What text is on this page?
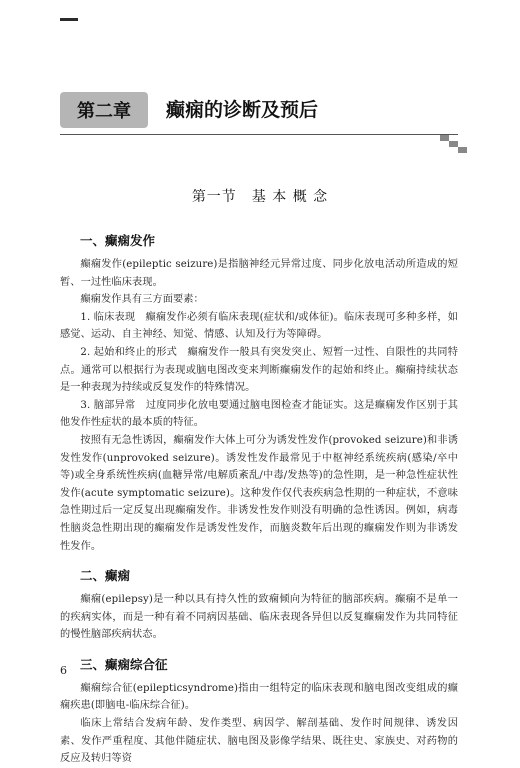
第二章	癫痫的诊断及预后
第一节　基 本 概 念
一、癫痫发作

癫痫发作(epileptic seizure)是指脑神经元异常过度、同步化放电活动所造成的短暂、一过性临床表现。

癫痫发作具有三方面要素：

1. 临床表现　癫痫发作必须有临床表现(症状和/或体征)。临床表现可多种多样，如感觉、运动、自主神经、知觉、情感、认知及行为等障碍。

2. 起始和终止的形式　癫痫发作一般具有突发突止、短暂一过性、自限性的共同特点。通常可以根据行为表现或脑电图改变来判断癫痫发作的起始和终止。癫痫持续状态是一种表现为持续或反复发作的特殊情况。

3. 脑部异常　过度同步化放电要通过脑电图检查才能证实。这是癫痫发作区别于其他发作性症状的最本质的特征。

按照有无急性诱因，癫痫发作大体上可分为诱发性发作(provoked seizure)和非诱发性发作(unprovoked seizure)。诱发性发作最常见于中枢神经系统疾病(感染/卒中等)或全身系统性疾病(血糖异常/电解质紊乱/中毒/发热等)的急性期，是一种急性症状性发作(acute symptomatic seizure)。这种发作仅代表疾病急性期的一种症状，不意味急性期过后一定反复出现癫痫发作。非诱发性发作则没有明确的急性诱因。例如，病毒性脑炎急性期出现的癫痫发作是诱发性发作，而脑炎数年后出现的癫痫发作则为非诱发性发作。

二、癫痫

癫痫(epilepsy)是一种以具有持久性的致痫倾向为特征的脑部疾病。癫痫不是单一的疾病实体，而是一种有着不同病因基础、临床表现各异但以反复癫痫发作为共同特征的慢性脑部疾病状态。

三、癫痫综合征

癫痫综合征(epilepticsyndrome)指由一组特定的临床表现和脑电图改变组成的癫痫疾患(即脑电-临床综合征)。

临床上常结合发病年龄、发作类型、病因学、解剖基础、发作时间规律、诱发因素、发作严重程度、其他伴随症状、脑电图及影像学结果、既往史、家族史、对药物的反应及转归等资

6
